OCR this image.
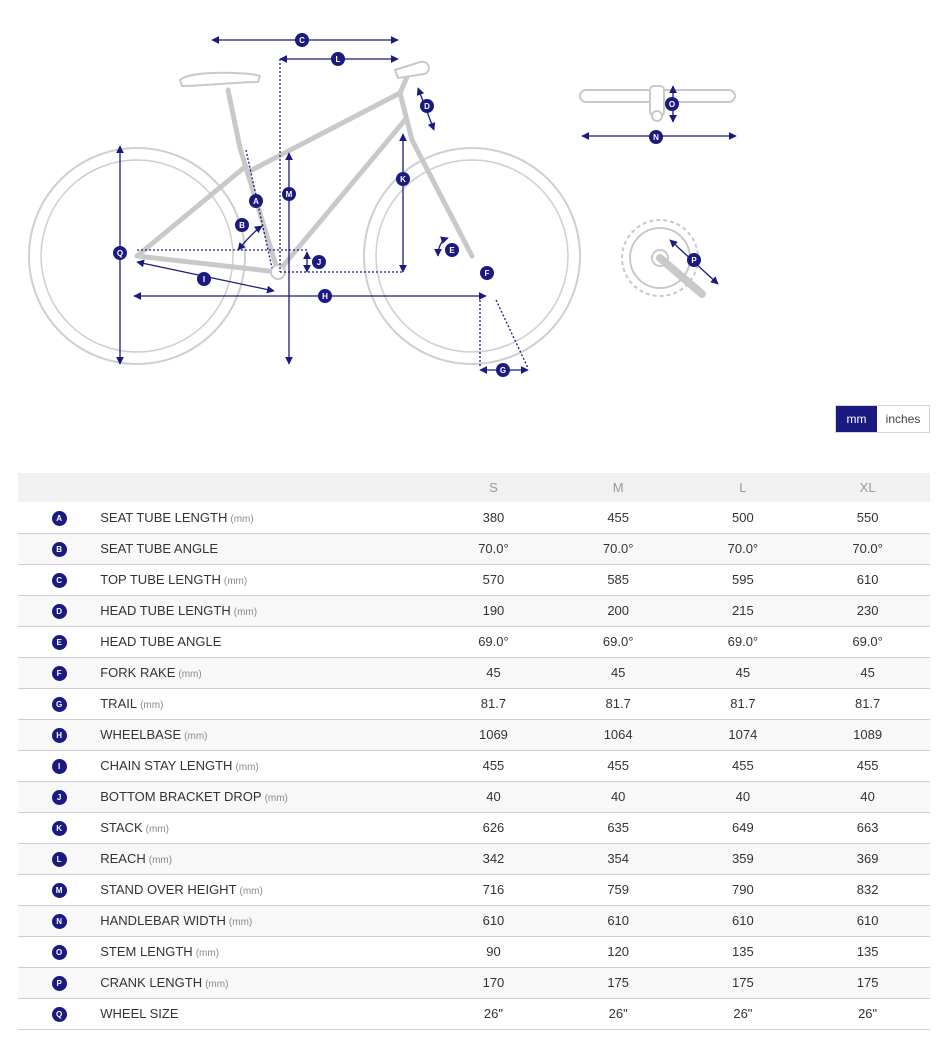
C
L
D
K
M
A
B
Q
J
I
H
E
F
G
O
N
P
mm	inches
		S	M	L	XL
A	SEAT TUBE LENGTH (mm)	380	455	500	550
B	SEAT TUBE ANGLE	70.0°	70.0°	70.0°	70.0°
C	TOP TUBE LENGTH (mm)	570	585	595	610
D	HEAD TUBE LENGTH (mm)	190	200	215	230
E	HEAD TUBE ANGLE	69.0°	69.0°	69.0°	69.0°
F	FORK RAKE (mm)	45	45	45	45
G	TRAIL (mm)	81.7	81.7	81.7	81.7
H	WHEELBASE (mm)	1069	1064	1074	1089
I	CHAIN STAY LENGTH (mm)	455	455	455	455
J	BOTTOM BRACKET DROP (mm)	40	40	40	40
K	STACK (mm)	626	635	649	663
L	REACH (mm)	342	354	359	369
M	STAND OVER HEIGHT (mm)	716	759	790	832
N	HANDLEBAR WIDTH (mm)	610	610	610	610
O	STEM LENGTH (mm)	90	120	135	135
P	CRANK LENGTH (mm)	170	175	175	175
Q	WHEEL SIZE	26"	26"	26"	26"
